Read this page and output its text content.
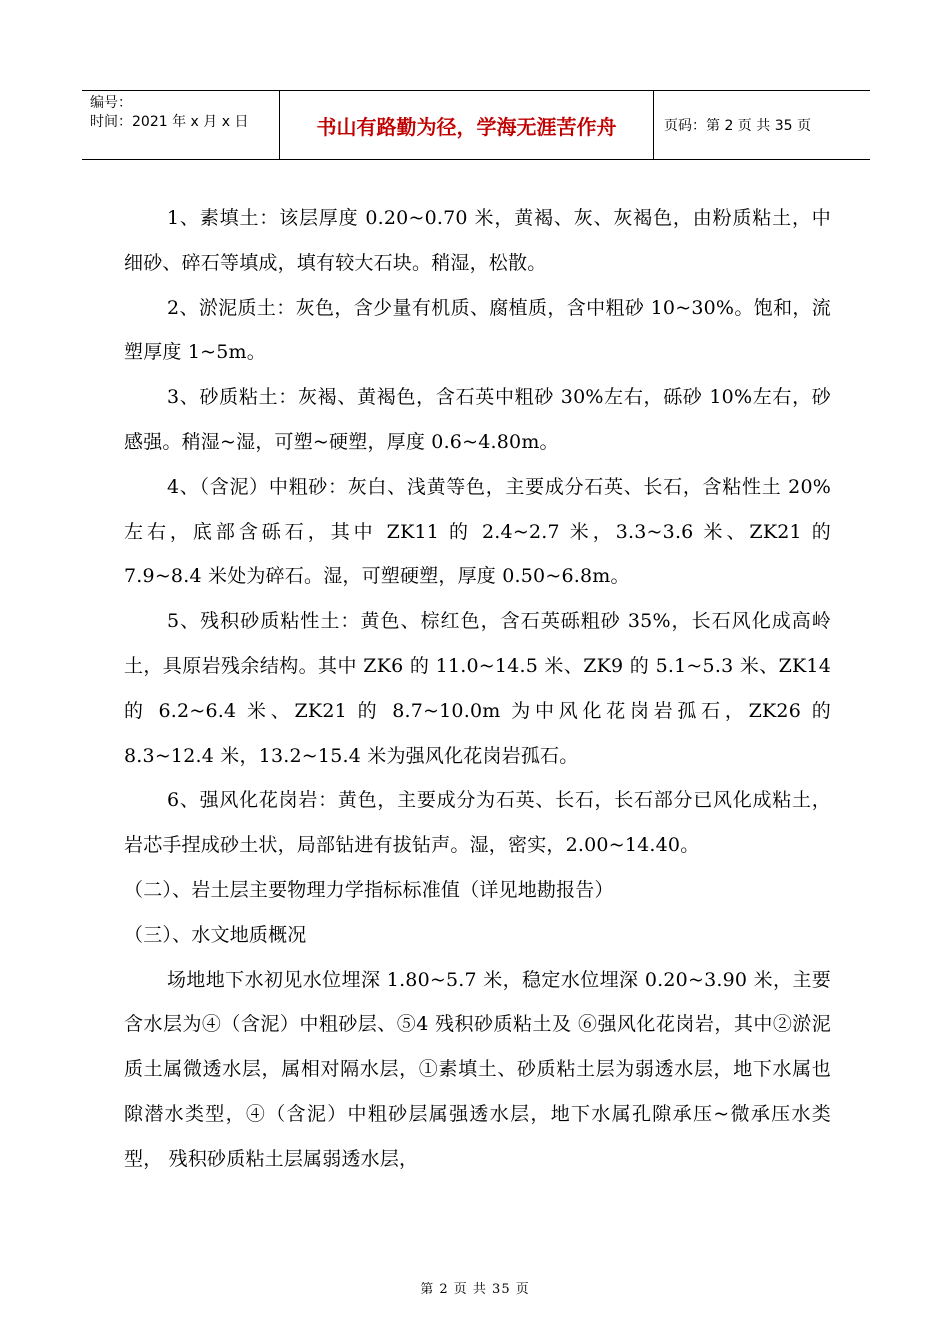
编号：
时间：2021 年 x 月 x 日	书山有路勤为径，学海无涯苦作舟	页码：第 2 页 共 35 页

1、素填土：该层厚度 0.20~0.70 米，黄褐、灰、灰褐色，由粉质粘土，中细砂、碎石等填成，填有较大石块。稍湿，松散。

2、淤泥质土：灰色，含少量有机质、腐植质，含中粗砂 10~30%。饱和，流塑厚度 1~5m。

3、砂质粘土：灰褐、黄褐色，含石英中粗砂 30%左右，砾砂 10%左右，砂感强。稍湿~湿，可塑~硬塑，厚度 0.6~4.80m。

4、（含泥）中粗砂：灰白、浅黄等色，主要成分石英、长石，含粘性土 20%左右，底部含砾石，其中 ZK11 的 2.4~2.7 米，3.3~3.6 米、ZK21 的 7.9~8.4 米处为碎石。湿，可塑硬塑，厚度 0.50~6.8m。

5、残积砂质粘性土：黄色、棕红色，含石英砾粗砂 35%，长石风化成高岭土，具原岩残余结构。其中 ZK6 的 11.0~14.5 米、ZK9 的 5.1~5.3 米、ZK14 的 6.2~6.4 米、ZK21 的 8.7~10.0m 为中风化花岗岩孤石，ZK26 的 8.3~12.4 米，13.2~15.4 米为强风化花岗岩孤石。

6、强风化花岗岩：黄色，主要成分为石英、长石，长石部分已风化成粘土，岩芯手捏成砂土状，局部钻进有拔钻声。湿，密实，2.00~14.40。

（二）、岩土层主要物理力学指标标准值（详见地勘报告）

（三）、水文地质概况

场地地下水初见水位埋深 1.80~5.7 米，稳定水位埋深 0.20~3.90 米，主要含水层为④（含泥）中粗砂层、⑤4 残积砂质粘土及 ⑥强风化花岗岩，其中②淤泥质土属微透水层，属相对隔水层，①素填土、砂质粘土层为弱透水层，地下水属也隙潜水类型，④（含泥）中粗砂层属强透水层，地下水属孔隙承压~微承压水类型， 残积砂质粘土层属弱透水层，

第 2 页 共 35 页
